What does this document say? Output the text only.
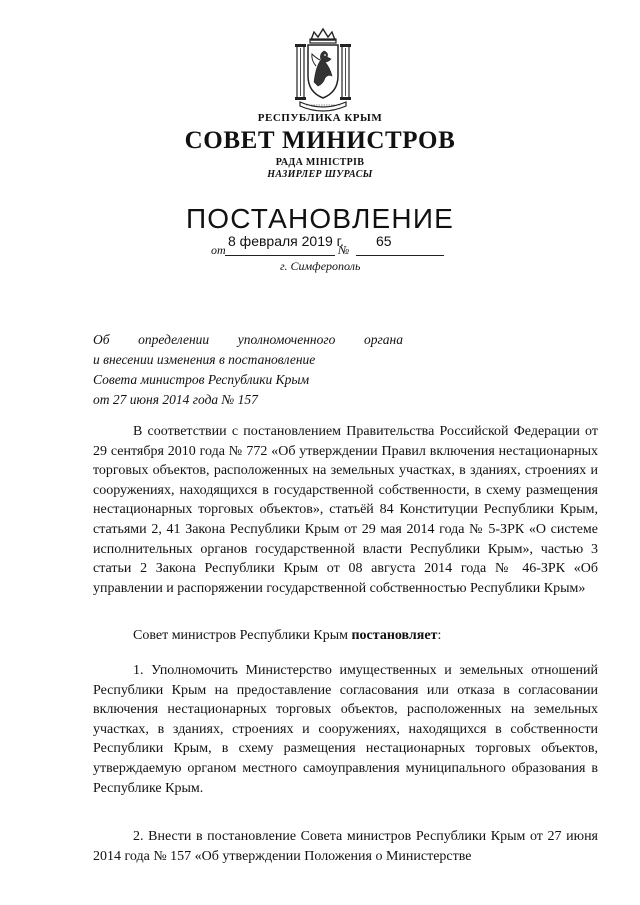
РЕСПУБЛИКА КРЫМ
СОВЕТ МИНИСТРОВ
РАДА МІНІСТРІВ
НАЗИРЛЕР ШУРАСЫ
ПОСТАНОВЛЕНИЕ
от
8 февраля 2019 г.
№
65
г. Симферополь
Об определении уполномоченного органа
и внесении изменения в постановление
Совета министров Республики Крым
от 27 июня 2014 года № 157
В соответствии с постановлением Правительства Российской Федерации от 29 сентября 2010 года № 772 «Об утверждении Правил включения нестационарных торговых объектов, расположенных на земельных участках, в зданиях, строениях и сооружениях, находящихся в государственной собственности, в схему размещения нестационарных торговых объектов», статьёй 84 Конституции Республики Крым, статьями 2, 41 Закона Республики Крым от 29 мая 2014 года № 5-ЗРК «О системе исполнительных органов государственной власти Республики Крым», частью 3 статьи 2 Закона Республики Крым от 08 августа 2014 года № 46-ЗРК «Об управлении и распоряжении государственной собственностью Республики Крым»
Совет министров Республики Крым постановляет:
1. Уполномочить Министерство имущественных и земельных отношений Республики Крым на предоставление согласования или отказа в согласовании включения нестационарных торговых объектов, расположенных на земельных участках, в зданиях, строениях и сооружениях, находящихся в собственности Республики Крым, в схему размещения нестационарных торговых объектов, утверждаемую органом местного самоуправления муниципального образования в Республике Крым.
2. Внести в постановление Совета министров Республики Крым от 27 июня 2014 года № 157 «Об утверждении Положения о Министерстве
